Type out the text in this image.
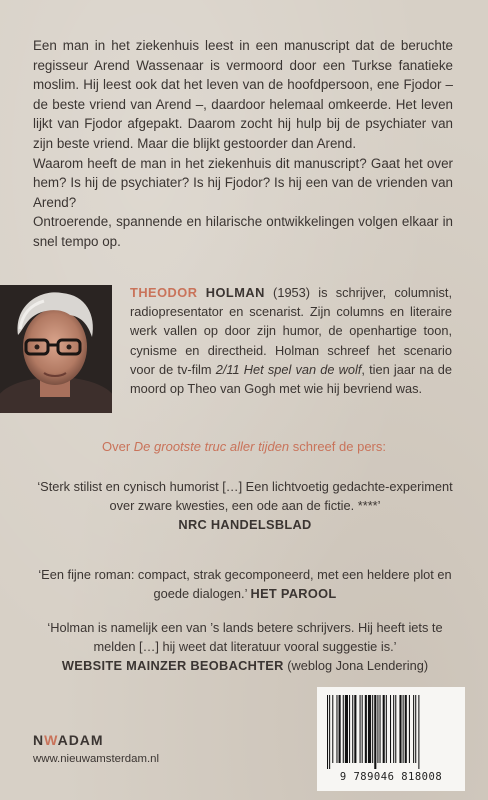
Een man in het ziekenhuis leest in een manuscript dat de beruchte regisseur Arend Wassenaar is vermoord door een Turkse fanatieke moslim. Hij leest ook dat het leven van de hoofdpersoon, ene Fjodor – de beste vriend van Arend –, daardoor helemaal omkeerde. Het leven lijkt van Fjodor afgepakt. Daarom zocht hij hulp bij de psychiater van zijn beste vriend. Maar die blijkt gestoorder dan Arend.

Waarom heeft de man in het ziekenhuis dit manuscript? Gaat het over hem? Is hij de psychiater? Is hij Fjodor? Is hij een van de vrienden van Arend?

Ontroerende, spannende en hilarische ontwikkelingen volgen elkaar in snel tempo op.

THEODOR HOLMAN (1953) is schrijver, columnist, radiopresentator en scenarist. Zijn columns en literaire werk vallen op door zijn humor, de openhartige toon, cynisme en directheid. Holman schreef het scenario voor de tv-film 2/11 Het spel van de wolf, tien jaar na de moord op Theo van Gogh met wie hij bevriend was.
Over De grootste truc aller tijden schreef de pers:
‘Sterk stilist en cynisch humorist […] Een lichtvoetig gedachte-experiment over zware kwesties, een ode aan de fictie. ****’
NRC HANDELSBLAD
‘Een fijne roman: compact, strak gecomponeerd, met een heldere plot en goede dialogen.’ HET PAROOL
‘Holman is namelijk een van ’s lands betere schrijvers. Hij heeft iets te melden […] hij weet dat literatuur vooral suggestie is.’
WEBSITE MAINZER BEOBACHTER (weblog Jona Lendering)
NWADAM
www.nieuwamsterdam.nl
9 789046 818008
